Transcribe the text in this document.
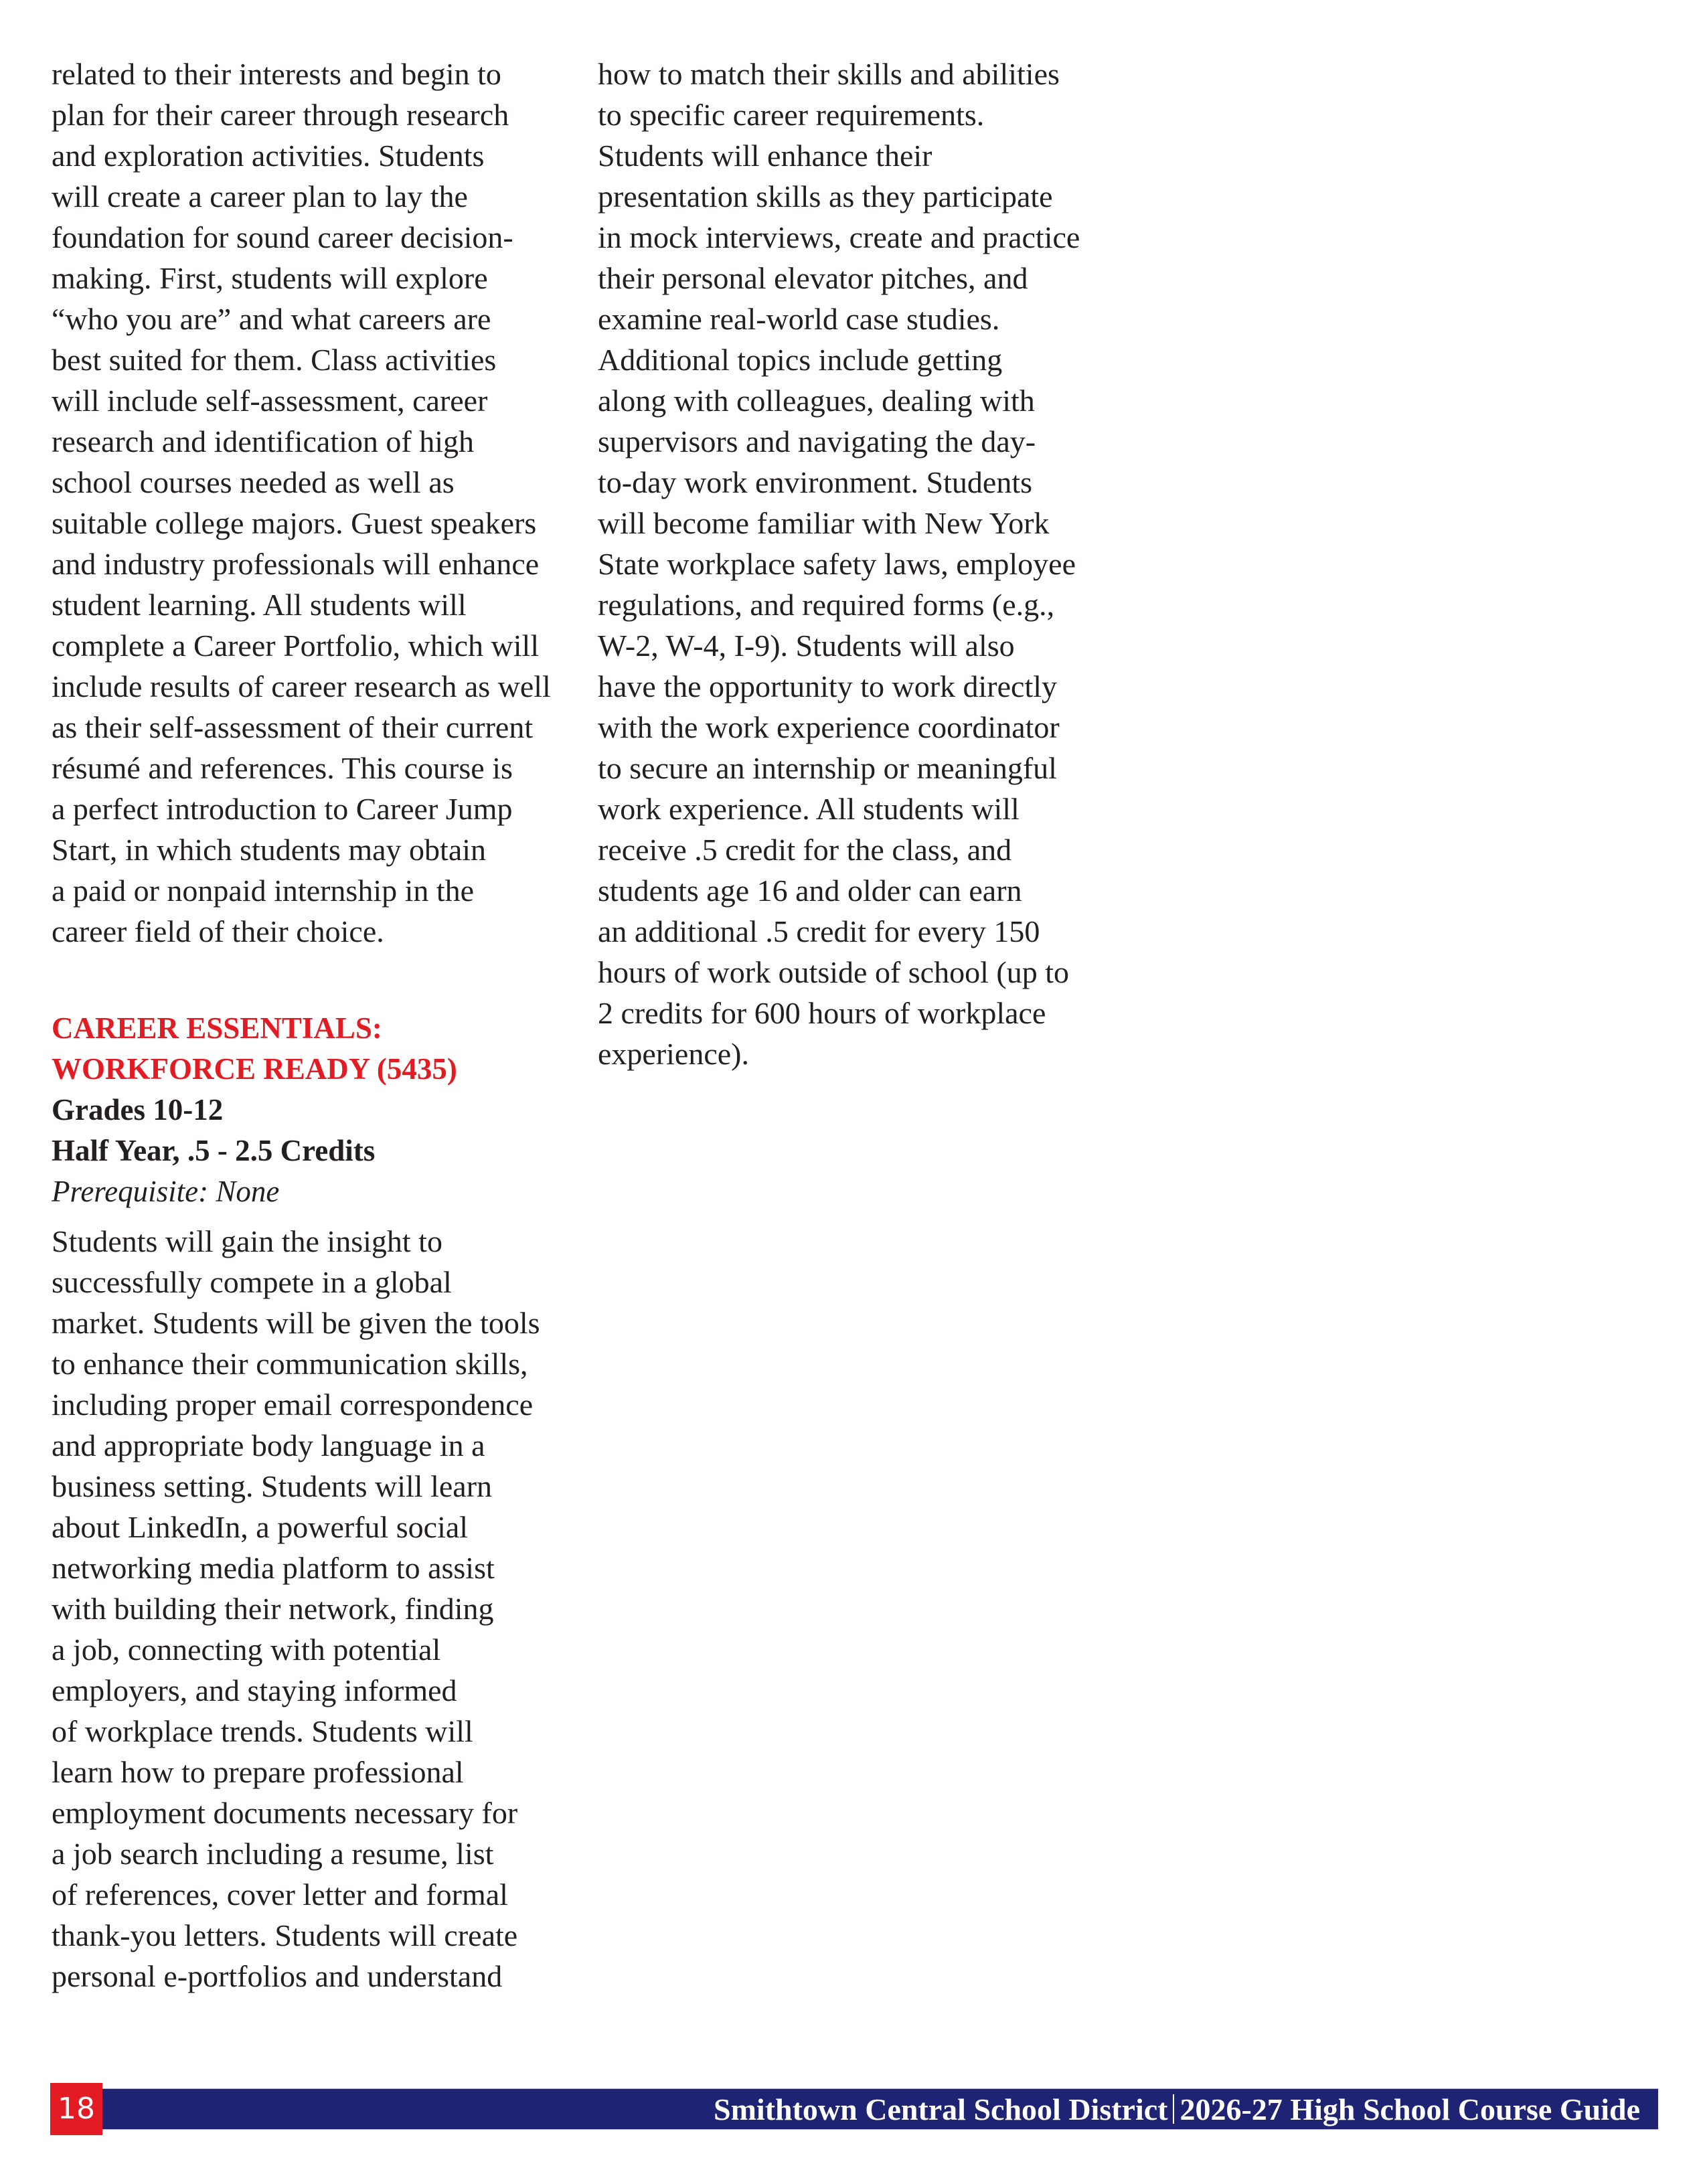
related to their interests and begin to
plan for their career through research
and exploration activities. Students
will create a career plan to lay the
foundation for sound career decision-
making. First, students will explore
“who you are” and what careers are
best suited for them. Class activities
will include self-assessment, career
research and identification of high
school courses needed as well as
suitable college majors. Guest speakers
and industry professionals will enhance
student learning. All students will
complete a Career Portfolio, which will
include results of career research as well
as their self-assessment of their current
résumé and references. This course is
a perfect introduction to Career Jump
Start, in which students may obtain
a paid or nonpaid internship in the
career field of their choice.
CAREER ESSENTIALS:
WORKFORCE READY (5435)
Grades 10-12
Half Year, .5 - 2.5 Credits
Prerequisite: None
Students will gain the insight to
successfully compete in a global
market. Students will be given the tools
to enhance their communication skills,
including proper email correspondence
and appropriate body language in a
business setting. Students will learn
about LinkedIn, a powerful social
networking media platform to assist
with building their network, finding
a job, connecting with potential
employers, and staying informed
of workplace trends. Students will
learn how to prepare professional
employment documents necessary for
a job search including a resume, list
of references, cover letter and formal
thank-you letters. Students will create
personal e-portfolios and understand
how to match their skills and abilities
to specific career requirements.
Students will enhance their
presentation skills as they participate
in mock interviews, create and practice
their personal elevator pitches, and
examine real-world case studies.
Additional topics include getting
along with colleagues, dealing with
supervisors and navigating the day-
to-day work environment. Students
will become familiar with New York
State workplace safety laws, employee
regulations, and required forms (e.g.,
W-2, W-4, I-9). Students will also
have the opportunity to work directly
with the work experience coordinator
to secure an internship or meaningful
work experience. All students will
receive .5 credit for the class, and
students age 16 and older can earn
an additional .5 credit for every 150
hours of work outside of school (up to
2 credits for 600 hours of workplace
experience).
18	Smithtown Central School District 2026-27 High School Course Guide
